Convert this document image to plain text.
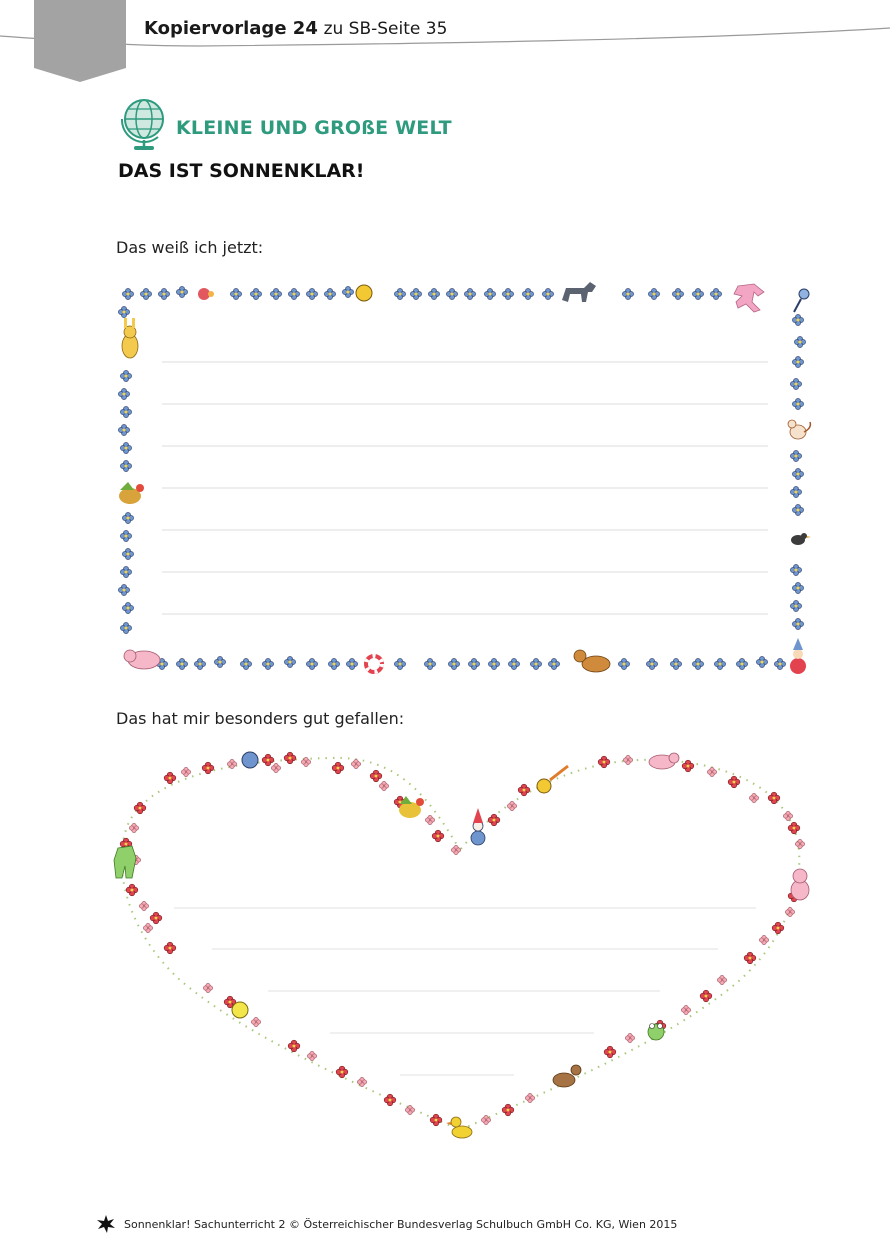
Kopiervorlage 24 zu SB-Seite 35
KLEINE UND GROßE WELT
DAS IST SONNENKLAR!
Das weiß ich jetzt:
Das hat mir besonders gut gefallen:
Sonnenklar! Sachunterricht 2 © Österreichischer Bundesverlag Schulbuch GmbH Co. KG, Wien 2015
